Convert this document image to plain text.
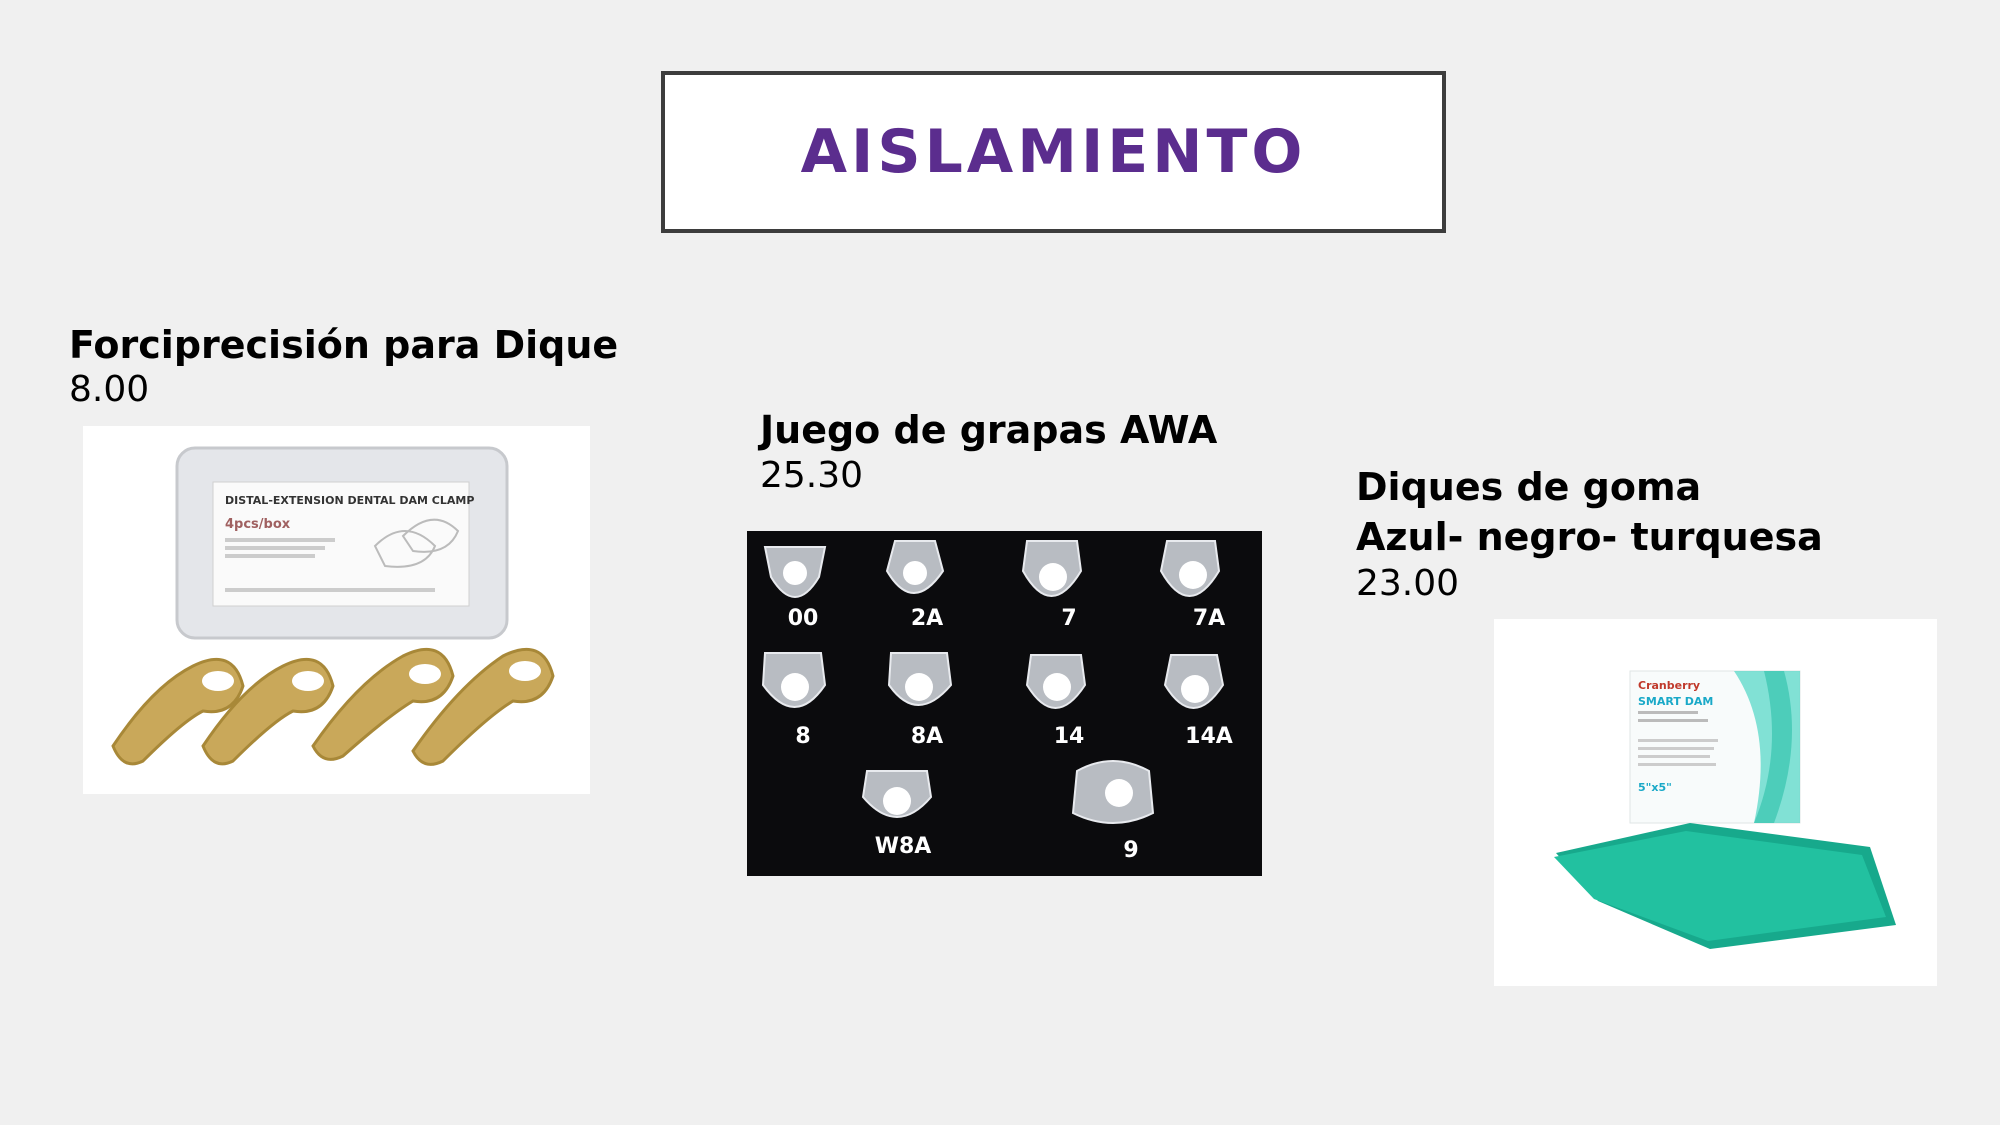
AISLAMIENTO

Forciprecisión para Dique

8.00

DISTAL-EXTENSION DENTAL DAM CLAMP
4pcs/box

Juego de grapas AWA

25.30

00	2A	7	7A
8	8A	14	14A
W8A	9

Diques de goma

Azul- negro- turquesa

23.00

Cranberry
SMART DAM
5"x5"
